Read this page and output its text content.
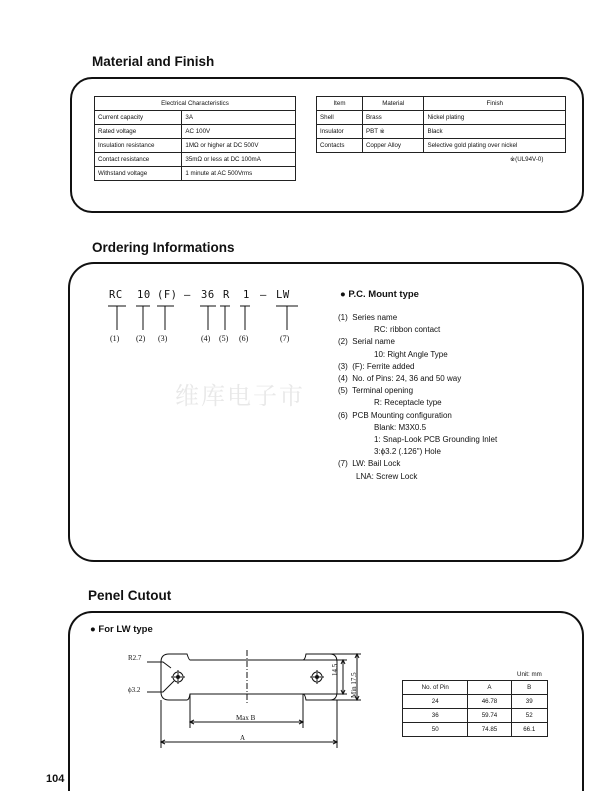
Material and Finish
Electrical Characteristics	
Current capacity	3A
Rated voltage	AC 100V
Insulation resistance	1MΩ or higher at DC 500V
Contact resistance	35mΩ or less at DC 100mA
Withstand voltage	1 minute at AC 500Vrms
Item	Material	Finish
Shell	Brass	Nickel plating
Insulator	PBT ※	Black
Contacts	Copper Alloy	Selective gold plating over nickel
※(UL94V-0)
Ordering Informations
维库电子市
RC 10 (F) — 36 R 1 — LW
(1) (2) (3)	(4) (5) (6)	(7)
● P.C. Mount type
(1) Series name
RC: ribbon contact
(2) Serial name
10: Right Angle Type
(3) (F): Ferrite added
(4) No. of Pins: 24, 36 and 50 way
(5) Terminal opening
R: Receptacle type
(6) PCB Mounting configuration
Blank: M3X0.5
1: Snap-Look PCB Grounding Inlet
3:ϕ3.2 (.126") Hole
(7) LW: Bail Lock
LNA: Screw Lock
Penel Cutout
● For LW type
R2.7
ϕ3.2
Max B
A
14.5
Min 17.5	Unit: mm
No. of Pin	A	B
24	46.78	39
36	59.74	52
50	74.85	66.1
104
